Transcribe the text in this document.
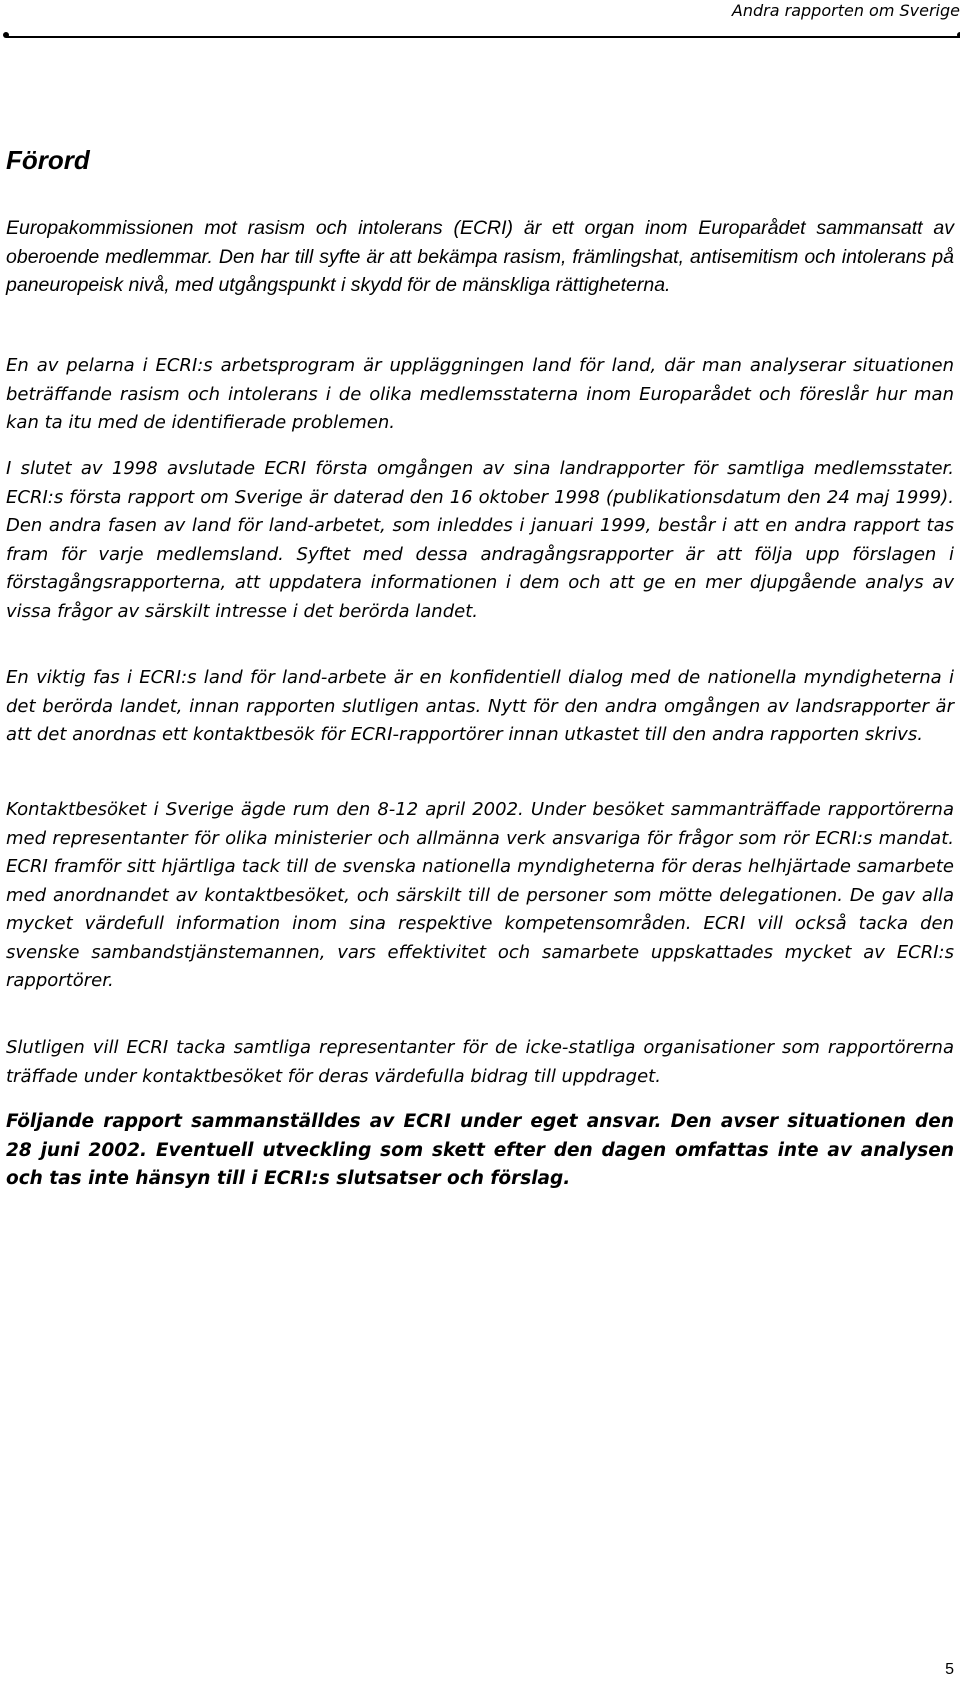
Andra rapporten om Sverige
Förord

Europakommissionen mot rasism och intolerans (ECRI) är ett organ inom Europarådet sammansatt av oberoende medlemmar. Den har till syfte är att bekämpa rasism, främlingshat, antisemitism och intolerans på paneuropeisk nivå, med utgångspunkt i skydd för de mänskliga rättigheterna.

En av pelarna i ECRI:s arbetsprogram är uppläggningen land för land, där man analyserar situationen beträffande rasism och intolerans i de olika medlemsstaterna inom Europarådet och föreslår hur man kan ta itu med de identifierade problemen.

I slutet av 1998 avslutade ECRI första omgången av sina landrapporter för samtliga medlemsstater. ECRI:s första rapport om Sverige är daterad den 16 oktober 1998 (publikationsdatum den 24 maj 1999). Den andra fasen av land för land-arbetet, som inleddes i januari 1999, består i att en andra rapport tas fram för varje medlemsland. Syftet med dessa andragångsrapporter är att följa upp förslagen i förstagångsrapporterna, att uppdatera informationen i dem och att ge en mer djupgående analys av vissa frågor av särskilt intresse i det berörda landet.

En viktig fas i ECRI:s land för land-arbete är en konfidentiell dialog med de nationella myndigheterna i det berörda landet, innan rapporten slutligen antas. Nytt för den andra omgången av landsrapporter är att det anordnas ett kontaktbesök för ECRI-rapportörer innan utkastet till den andra rapporten skrivs.

Kontaktbesöket i Sverige ägde rum den 8-12 april 2002. Under besöket sammanträffade rapportörerna med representanter för olika ministerier och allmänna verk ansvariga för frågor som rör ECRI:s mandat. ECRI framför sitt hjärtliga tack till de svenska nationella myndigheterna för deras helhjärtade samarbete med anordnandet av kontaktbesöket, och särskilt till de personer som mötte delegationen. De gav alla mycket värdefull information inom sina respektive kompetensområden. ECRI vill också tacka den svenske sambandstjänstemannen, vars effektivitet och samarbete uppskattades mycket av ECRI:s rapportörer.

Slutligen vill ECRI tacka samtliga representanter för de icke-statliga organisationer som rapportörerna träffade under kontaktbesöket för deras värdefulla bidrag till uppdraget.

Följande rapport sammanställdes av ECRI under eget ansvar. Den avser situationen den 28 juni 2002. Eventuell utveckling som skett efter den dagen omfattas inte av analysen och tas inte hänsyn till i ECRI:s slutsatser och förslag.

5
